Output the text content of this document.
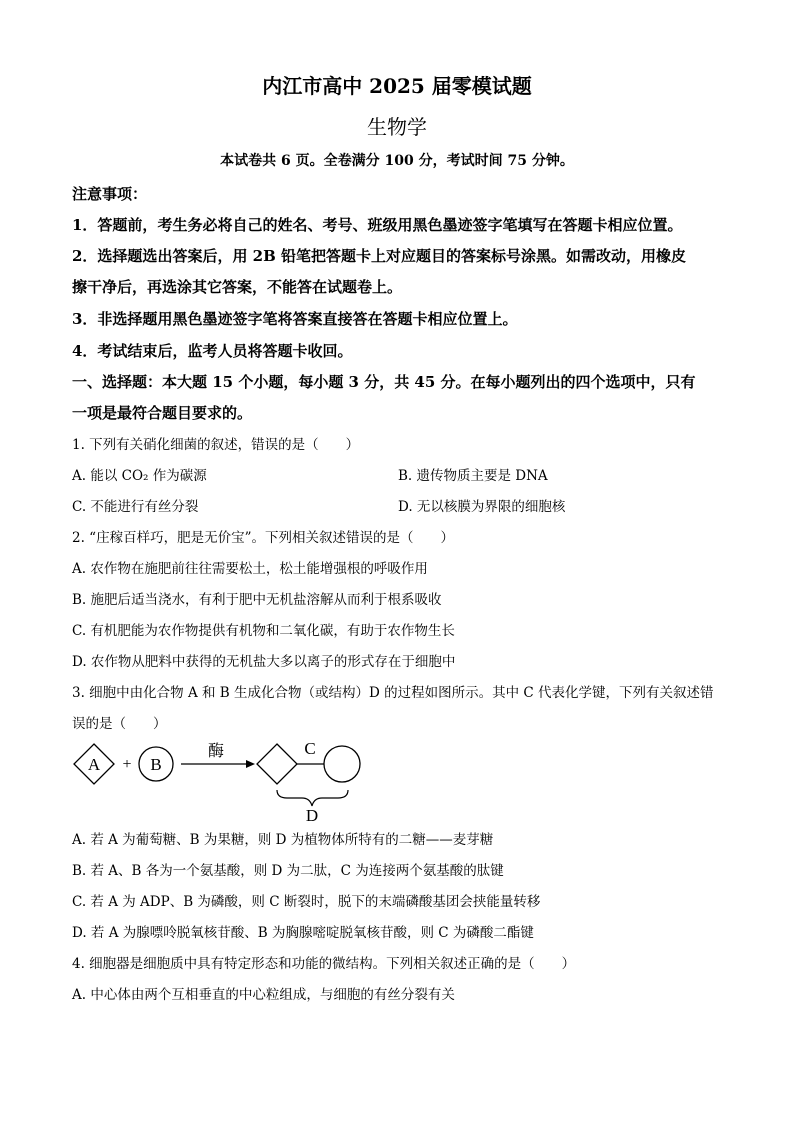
内江市高中 2025 届零模试题
生物学
本试卷共 6 页。全卷满分 100 分，考试时间 75 分钟。
注意事项：
1．答题前，考生务必将自己的姓名、考号、班级用黑色墨迹签字笔填写在答题卡相应位置。
2．选择题选出答案后，用 2B 铅笔把答题卡上对应题目的答案标号涂黑。如需改动，用橡皮
擦干净后，再选涂其它答案，不能答在试题卷上。
3．非选择题用黑色墨迹签字笔将答案直接答在答题卡相应位置上。
4．考试结束后，监考人员将答题卡收回。
一、选择题：本大题 15 个小题，每小题 3 分，共 45 分。在每小题列出的四个选项中，只有
一项是最符合题目要求的。
1. 下列有关硝化细菌的叙述，错误的是（　　）
A. 能以 CO₂ 作为碳源	B. 遗传物质主要是 DNA
C. 不能进行有丝分裂	D. 无以核膜为界限的细胞核
2. “庄稼百样巧，肥是无价宝”。下列相关叙述错误的是（　　）
A. 农作物在施肥前往往需要松土，松土能增强根的呼吸作用
B. 施肥后适当浇水，有利于肥中无机盐溶解从而利于根系吸收
C. 有机肥能为农作物提供有机物和二氧化碳，有助于农作物生长
D. 农作物从肥料中获得的无机盐大多以离子的形式存在于细胞中
3. 细胞中由化合物 A 和 B 生成化合物（或结构）D 的过程如图所示。其中 C 代表化学键，下列有关叙述错
误的是（　　）
A + B
酶	C
D
A. 若 A 为葡萄糖、B 为果糖，则 D 为植物体所特有的二糖——麦芽糖
B. 若 A、B 各为一个氨基酸，则 D 为二肽，C 为连接两个氨基酸的肽键
C. 若 A 为 ADP、B 为磷酸，则 C 断裂时，脱下的末端磷酸基团会挟能量转移
D. 若 A 为腺嘌呤脱氧核苷酸、B 为胸腺嘧啶脱氧核苷酸，则 C 为磷酸二酯键
4. 细胞器是细胞质中具有特定形态和功能的微结构。下列相关叙述正确的是（　　）
A. 中心体由两个互相垂直的中心粒组成，与细胞的有丝分裂有关
